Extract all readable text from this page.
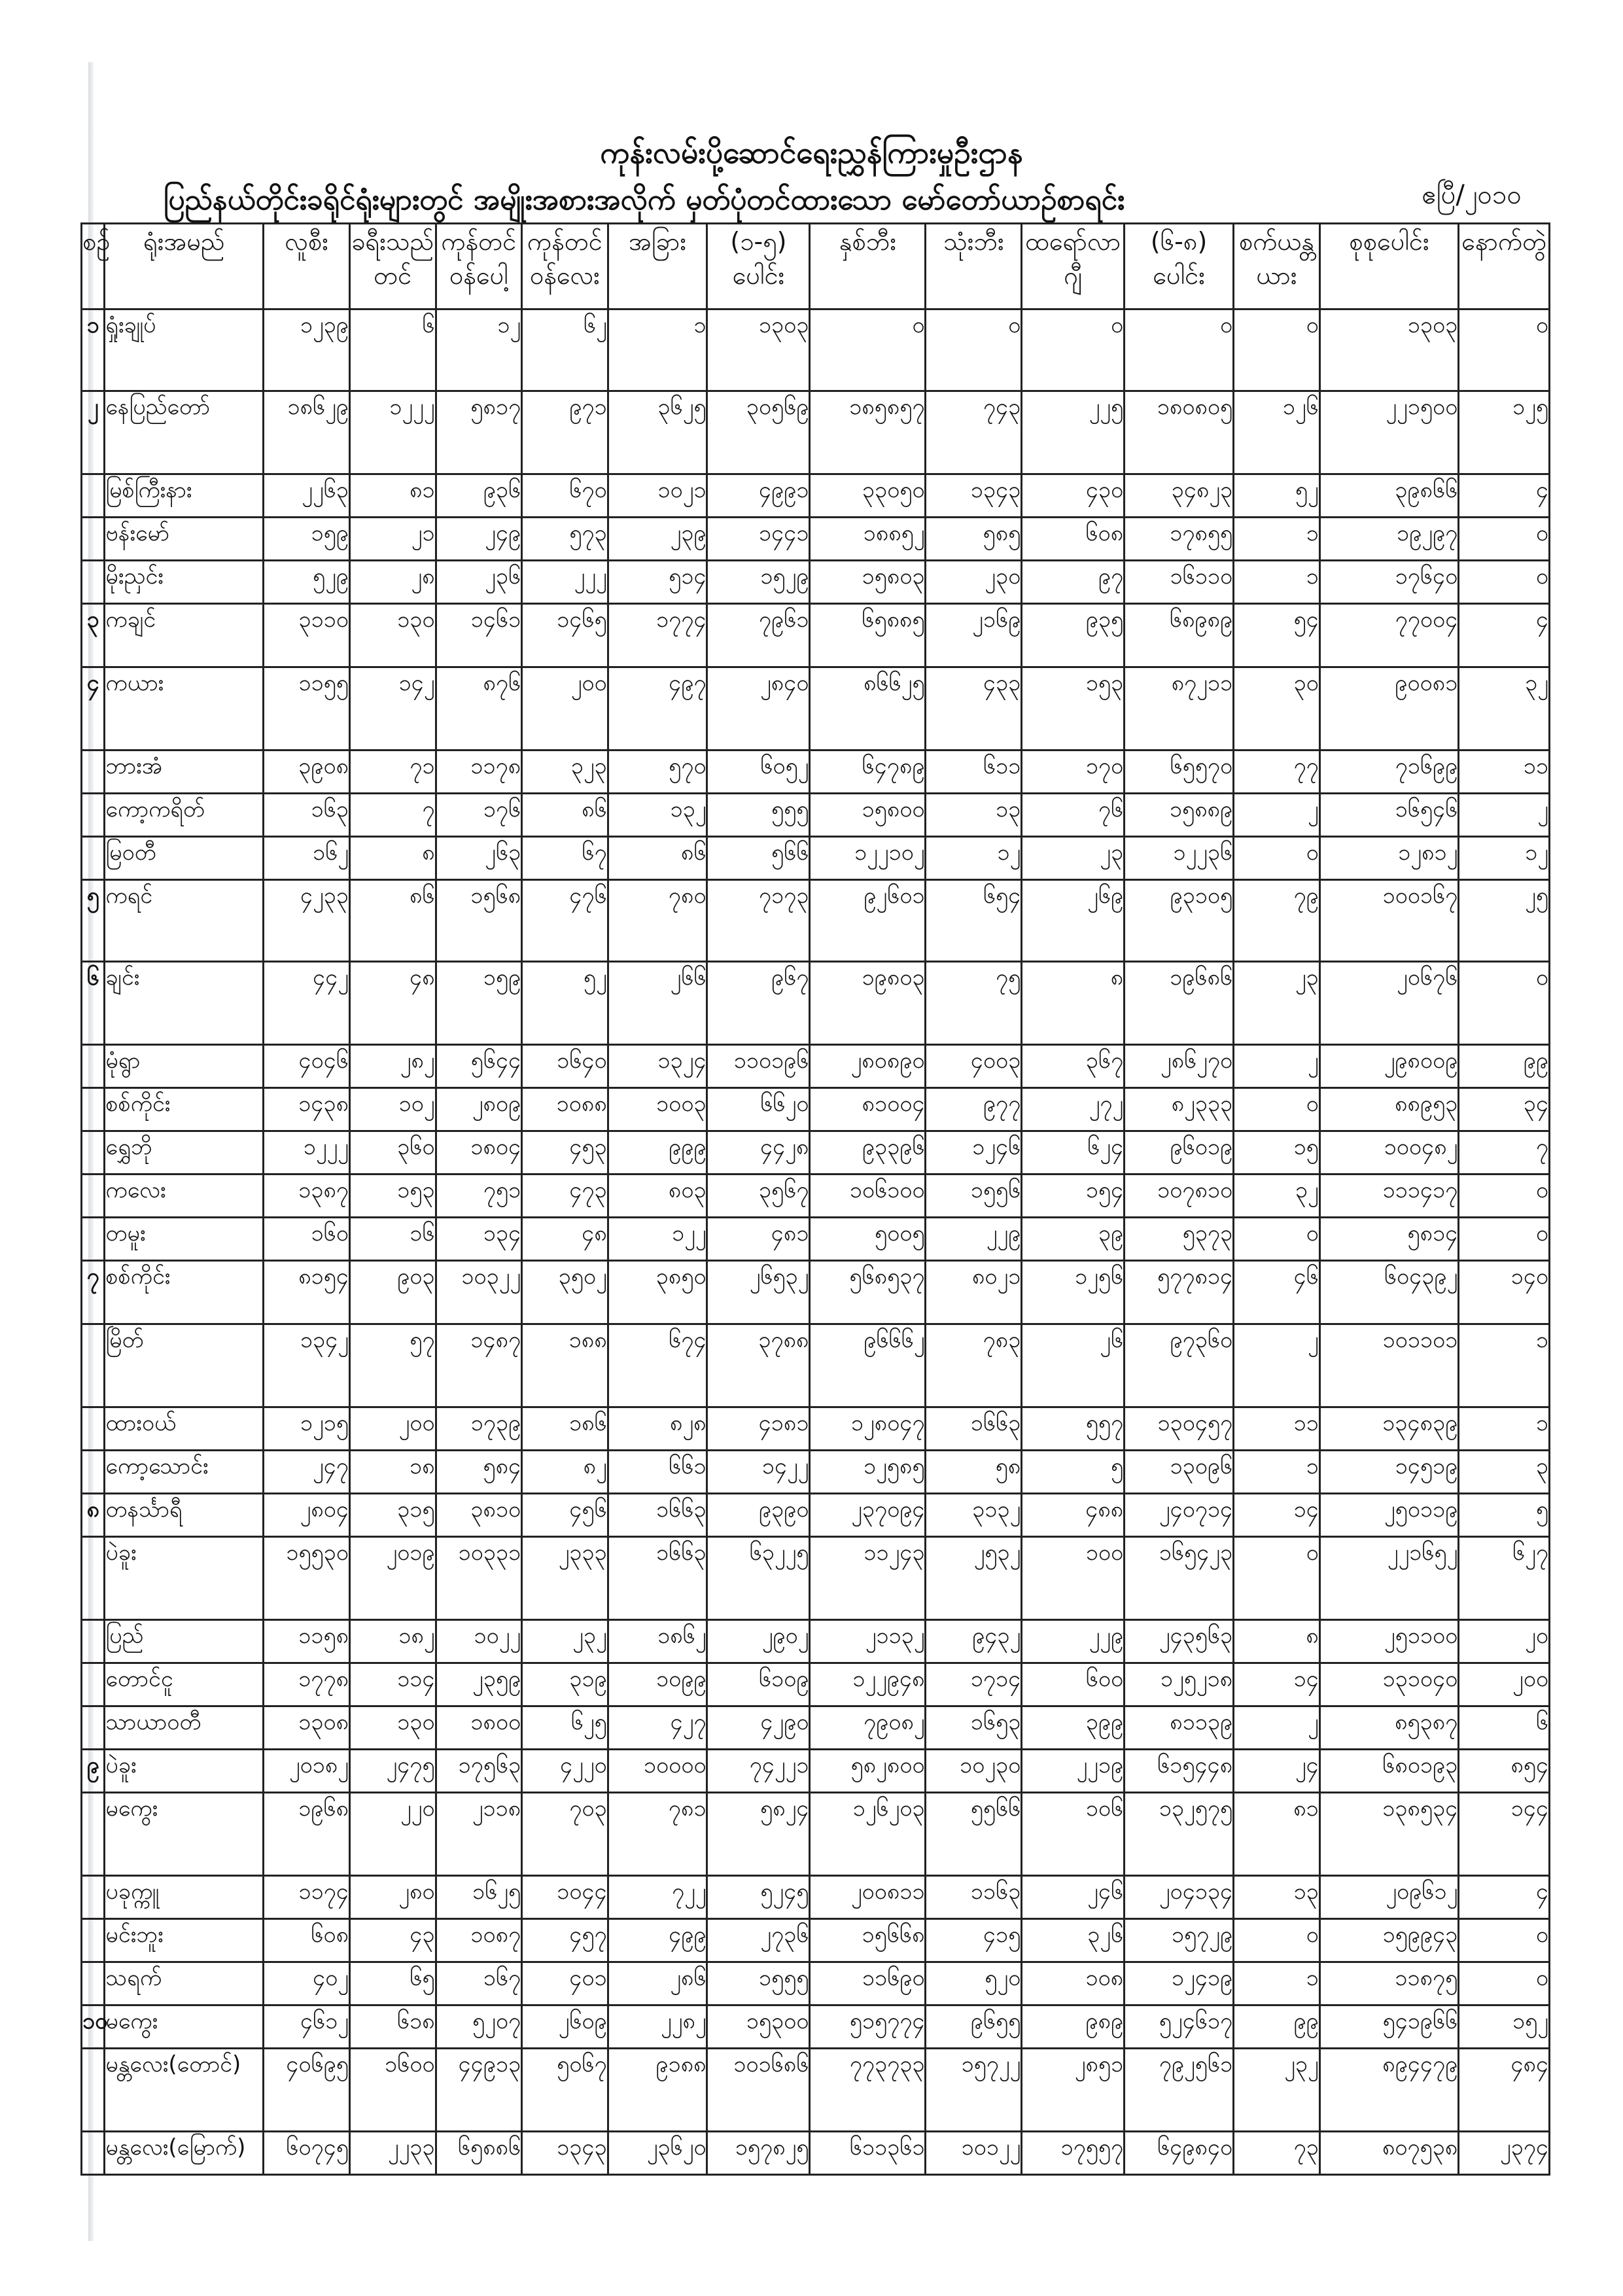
ကုန်းလမ်းပို့ဆောင်ရေးညွှန်ကြားမှုဦးဌာန
ပြည်နယ်တိုင်းခရိုင်ရုံးများတွင် အမျိုးအစားအလိုက် မှတ်ပုံတင်ထားသော မော်တော်ယာဉ်စာရင်း	ဧပြီ/၂၀၁၀
စဉ်	ရုံးအမည်	လူစီး	ခရီးသည်တင်	ကုန်တင်ဝန်ပေါ့	ကုန်တင်ဝန်လေး	အခြား	(၁-၅) ပေါင်း	နှစ်ဘီး	သုံးဘီး	ထရော်လာဂျီ	(၆-၈) ပေါင်း	စက်ယန္တယား	စုစုပေါင်း	နောက်တွဲ
၁	ရှုံးချုပ်	၁၂၃၉	၆	၁၂	၆၂	၁	၁၃၀၃	၀	၀	၀	၀	၀	၁၃၀၃	၀
၂	နေပြည်တော်	၁၈၆၂၉	၁၂၂၂	၅၈၁၇	၉၇၁	၃၆၂၅	၃၀၅၆၉	၁၈၅၈၅၇	၇၄၃	၂၂၅	၁၈၀၈၀၅	၁၂၆	၂၂၁၅၀၀	၁၂၅
	မြစ်ကြီးနား	၂၂၆၃	၈၁	၉၃၆	၆၇၀	၁၀၂၁	၄၉၉၁	၃၃၀၅၀	၁၃၄၃	၄၃၀	၃၄၈၂၃	၅၂	၃၉၈၆၆	၄
	ဗန်းမော်	၁၅၉	၂၁	၂၄၉	၅၇၃	၂၃၉	၁၄၄၁	၁၈၈၅၂	၅၈၅	၆၀၈	၁၇၈၅၅	၁	၁၉၂၉၇	၀
	မိုးညှင်း	၅၂၉	၂၈	၂၃၆	၂၂၂	၅၁၄	၁၅၂၉	၁၅၈၀၃	၂၃၀	၉၇	၁၆၁၁၀	၁	၁၇၆၄၀	၀
၃	ကချင်	၃၁၁၀	၁၃၀	၁၄၆၁	၁၄၆၅	၁၇၇၄	၇၉၆၁	၆၅၈၈၅	၂၁၆၉	၉၃၅	၆၈၉၈၉	၅၄	၇၇၀၀၄	၄
၄	ကယား	၁၁၅၅	၁၄၂	၈၇၆	၂၀၀	၄၉၇	၂၈၄၀	၈၆၆၂၅	၄၃၃	၁၅၃	၈၇၂၁၁	၃၀	၉၀၀၈၁	၃၂
	ဘားအံ	၃၉၀၈	၇၁	၁၁၇၈	၃၂၃	၅၇၀	၆၀၅၂	၆၄၇၈၉	၆၁၁	၁၇၀	၆၅၅၇၀	၇၇	၇၁၆၉၉	၁၁
	ကော့ကရိတ်	၁၆၃	၇	၁၇၆	၈၆	၁၃၂	၅၅၅	၁၅၈၀၀	၁၃	၇၆	၁၅၈၈၉	၂	၁၆၅၄၆	၂
	မြဝတီ	၁၆၂	၈	၂၆၃	၆၇	၈၆	၅၆၆	၁၂၂၁၀၂	၁၂	၂၃	၁၂၂၃၆	၀	၁၂၈၁၂	၁၂
၅	ကရင်	၄၂၃၃	၈၆	၁၅၆၈	၄၇၆	၇၈၀	၇၁၇၃	၉၂၆၀၁	၆၅၄	၂၆၉	၉၃၁၀၅	၇၉	၁၀၀၁၆၇	၂၅
၆	ချင်း	၄၄၂	၄၈	၁၅၉	၅၂	၂၆၆	၉၆၇	၁၉၈၀၃	၇၅	၈	၁၉၆၈၆	၂၃	၂၀၆၇၆	၀
	မုံရွာ	၄၀၄၆	၂၈၂	၅၆၄၄	၁၆၄၀	၁၃၂၄	၁၁၀၁၉၆	၂၈၀၈၉၀	၄၀၀၃	၃၆၇	၂၈၆၂၇၀	၂	၂၉၈၀၀၉	၉၉
	စစ်ကိုင်း	၁၄၃၈	၁၀၂	၂၈၀၉	၁၀၈၈	၁၀၀၃	၆၆၂၀	၈၁၀၀၄	၉၇၇	၂၇၂	၈၂၃၃၃	၀	၈၈၉၅၃	၃၄
	ရွှေဘို	၁၂၂၂	၃၆၀	၁၈၀၄	၄၅၃	၉၉၉	၄၄၂၈	၉၃၃၉၆	၁၂၄၆	၆၂၄	၉၆၀၁၉	၁၅	၁၀၀၄၈၂	၇
	ကလေး	၁၃၈၇	၁၅၃	၇၅၁	၄၇၃	၈၀၃	၃၅၆၇	၁၀၆၁၀၀	၁၅၅၆	၁၅၄	၁၀၇၈၁၀	၃၂	၁၁၁၄၁၇	၀
	တမူး	၁၆၀	၁၆	၁၃၄	၄၈	၁၂၂	၄၈၁	၅၀၀၅	၂၂၉	၃၉	၅၃၇၃	၀	၅၈၁၄	၀
၇	စစ်ကိုင်း	၈၁၅၄	၉၀၃	၁၀၃၂၂	၃၅၀၂	၃၈၅၀	၂၆၅၃၂	၅၆၈၅၃၇	၈၀၂၁	၁၂၅၆	၅၇၇၈၁၄	၄၆	၆၀၄၃၉၂	၁၄၀
	မြိတ်	၁၃၄၂	၅၇	၁၄၈၇	၁၈၈	၆၇၄	၃၇၈၈	၉၆၆၆၂	၇၈၃	၂၆	၉၇၃၆၀	၂	၁၀၁၁၀၁	၁
	ထားဝယ်	၁၂၁၅	၂၀၀	၁၇၃၉	၁၈၆	၈၂၈	၄၁၈၁	၁၂၈၀၄၇	၁၆၆၃	၅၅၇	၁၃၀၄၅၇	၁၁	၁၃၄၈၃၉	၁
	ကော့သောင်း	၂၄၇	၁၈	၅၈၄	၈၂	၆၆၁	၁၄၂၂	၁၂၅၈၅	၅၈	၅	၁၃၀၉၆	၁	၁၄၅၁၉	၃
၈	တနင်္သာရီ	၂၈၀၄	၃၁၅	၃၈၁၀	၄၅၆	၁၆၆၃	၉၃၉၀	၂၃၇၀၉၄	၃၁၃၂	၄၈၈	၂၄၀၇၁၄	၁၄	၂၅၀၁၁၉	၅
	ပဲခူး	၁၅၅၃၀	၂၀၁၉	၁၀၃၃၁	၂၃၃၃	၁၆၆၃	၆၃၂၂၅	၁၁၂၄၃	၂၅၃၂	၁၀၀	၁၆၅၄၂၃	၀	၂၂၁၆၅၂	၆၂၇
	ပြည်	၁၁၅၈	၁၈၂	၁၀၂၂	၂၃၂	၁၈၆၂	၂၉၀၂	၂၁၁၃၂	၉၄၃၂	၂၂၉	၂၄၃၅၆၃	၈	၂၅၁၁၀၀	၂၀
	တောင်ငူ	၁၇၇၈	၁၁၄	၂၃၅၉	၃၁၉	၁၀၉၉	၆၁၀၉	၁၂၂၉၄၈	၁၇၁၄	၆၀၀	၁၂၅၂၁၈	၁၄	၁၃၁၀၄၀	၂၀၀
	သာယာဝတီ	၁၃၀၈	၁၃၀	၁၈၀၀	၆၂၅	၄၂၇	၄၂၉၀	၇၉၀၈၂	၁၆၅၃	၃၉၉	၈၁၁၃၉	၂	၈၅၃၈၇	၆
၉	ပဲခူး	၂၀၁၈၂	၂၄၇၅	၁၇၅၆၃	၄၂၂၀	၁၀၀၀၀	၇၄၂၂၁	၅၈၂၈၀၀	၁၀၂၃၀	၂၂၁၉	၆၁၅၄၄၈	၂၄	၆၈၀၁၉၃	၈၅၄
	မကွေး	၁၉၆၈	၂၂၀	၂၁၁၈	၇၀၃	၇၈၁	၅၈၂၄	၁၂၆၂၀၃	၅၅၆၆	၁၀၆	၁၃၂၅၇၅	၈၁	၁၃၈၅၃၄	၁၄၄
	ပခုက္ကူ	၁၁၇၄	၂၈၀	၁၆၂၅	၁၀၄၄	၇၂၂	၅၂၄၅	၂၀၀၈၁၁	၁၁၆၃	၂၄၆	၂၀၄၁၃၄	၁၃	၂၀၉၆၁၂	၄
	မင်းဘူး	၆၀၈	၄၃	၁၀၈၇	၄၅၇	၄၉၉	၂၇၃၆	၁၅၆၆၈	၄၁၅	၃၂၆	၁၅၇၂၉	၀	၁၅၉၉၄၃	၀
	သရက်	၄၀၂	၆၅	၁၆၇	၄၀၁	၂၈၆	၁၅၅၅	၁၁၆၉၀	၅၂၀	၁၀၈	၁၂၄၁၉	၁	၁၁၈၇၅	၀
၁၀	မကွေး	၄၆၁၂	၆၁၈	၅၂၀၇	၂၆၀၉	၂၂၈၂	၁၅၃၀၀	၅၁၅၇၇၄	၉၆၅၅	၉၈၉	၅၂၄၆၁၇	၉၉	၅၄၁၉၆၆	၁၅၂
	မန္တလေး(တောင်)	၄၀၆၉၅	၁၆၀၀	၄၄၉၁၃	၅၀၆၇	၉၁၈၈	၁၀၁၆၈၆	၇၇၃၇၃၃	၁၅၇၂၂	၂၈၅၁	၇၉၂၅၆၁	၂၃၂	၈၉၄၄၇၉	၄၈၄
	မန္တလေး(မြောက်)	၆၀၇၄၅	၂၂၃၃	၆၅၈၈၆	၁၃၄၃	၂၃၆၂၀	၁၅၇၈၂၅	၆၁၁၃၆၁	၁၀၁၂၂	၁၇၅၅၇	၆၄၉၈၄၀	၇၃	၈၀၇၅၃၈	၂၃၇၄
